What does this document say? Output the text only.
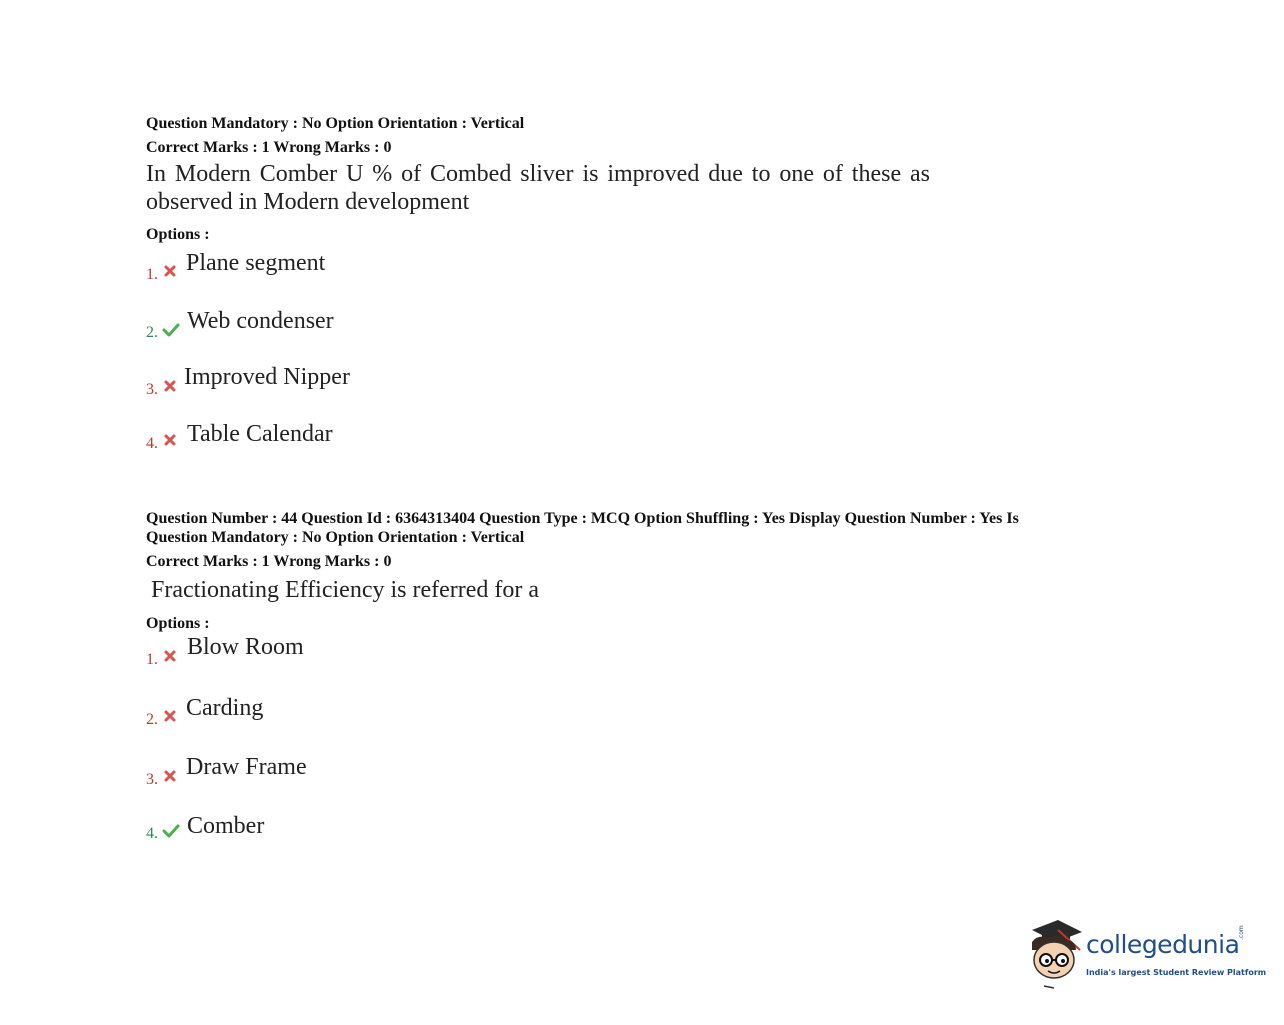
Question Mandatory : No Option Orientation : Vertical
Correct Marks : 1 Wrong Marks : 0
In Modern Comber U % of Combed sliver is improved due to one of these as observed in Modern development
Options :
1. Plane segment
2. Web condenser
3. Improved Nipper
4. Table Calendar
Question Number : 44 Question Id : 6364313404 Question Type : MCQ Option Shuffling : Yes Display Question Number : Yes Is
Question Mandatory : No Option Orientation : Vertical
Correct Marks : 1 Wrong Marks : 0
Fractionating Efficiency is referred for a
Options :
1. Blow Room
2. Carding
3. Draw Frame
4. Comber
collegedunia
.com
India's largest Student Review Platform
